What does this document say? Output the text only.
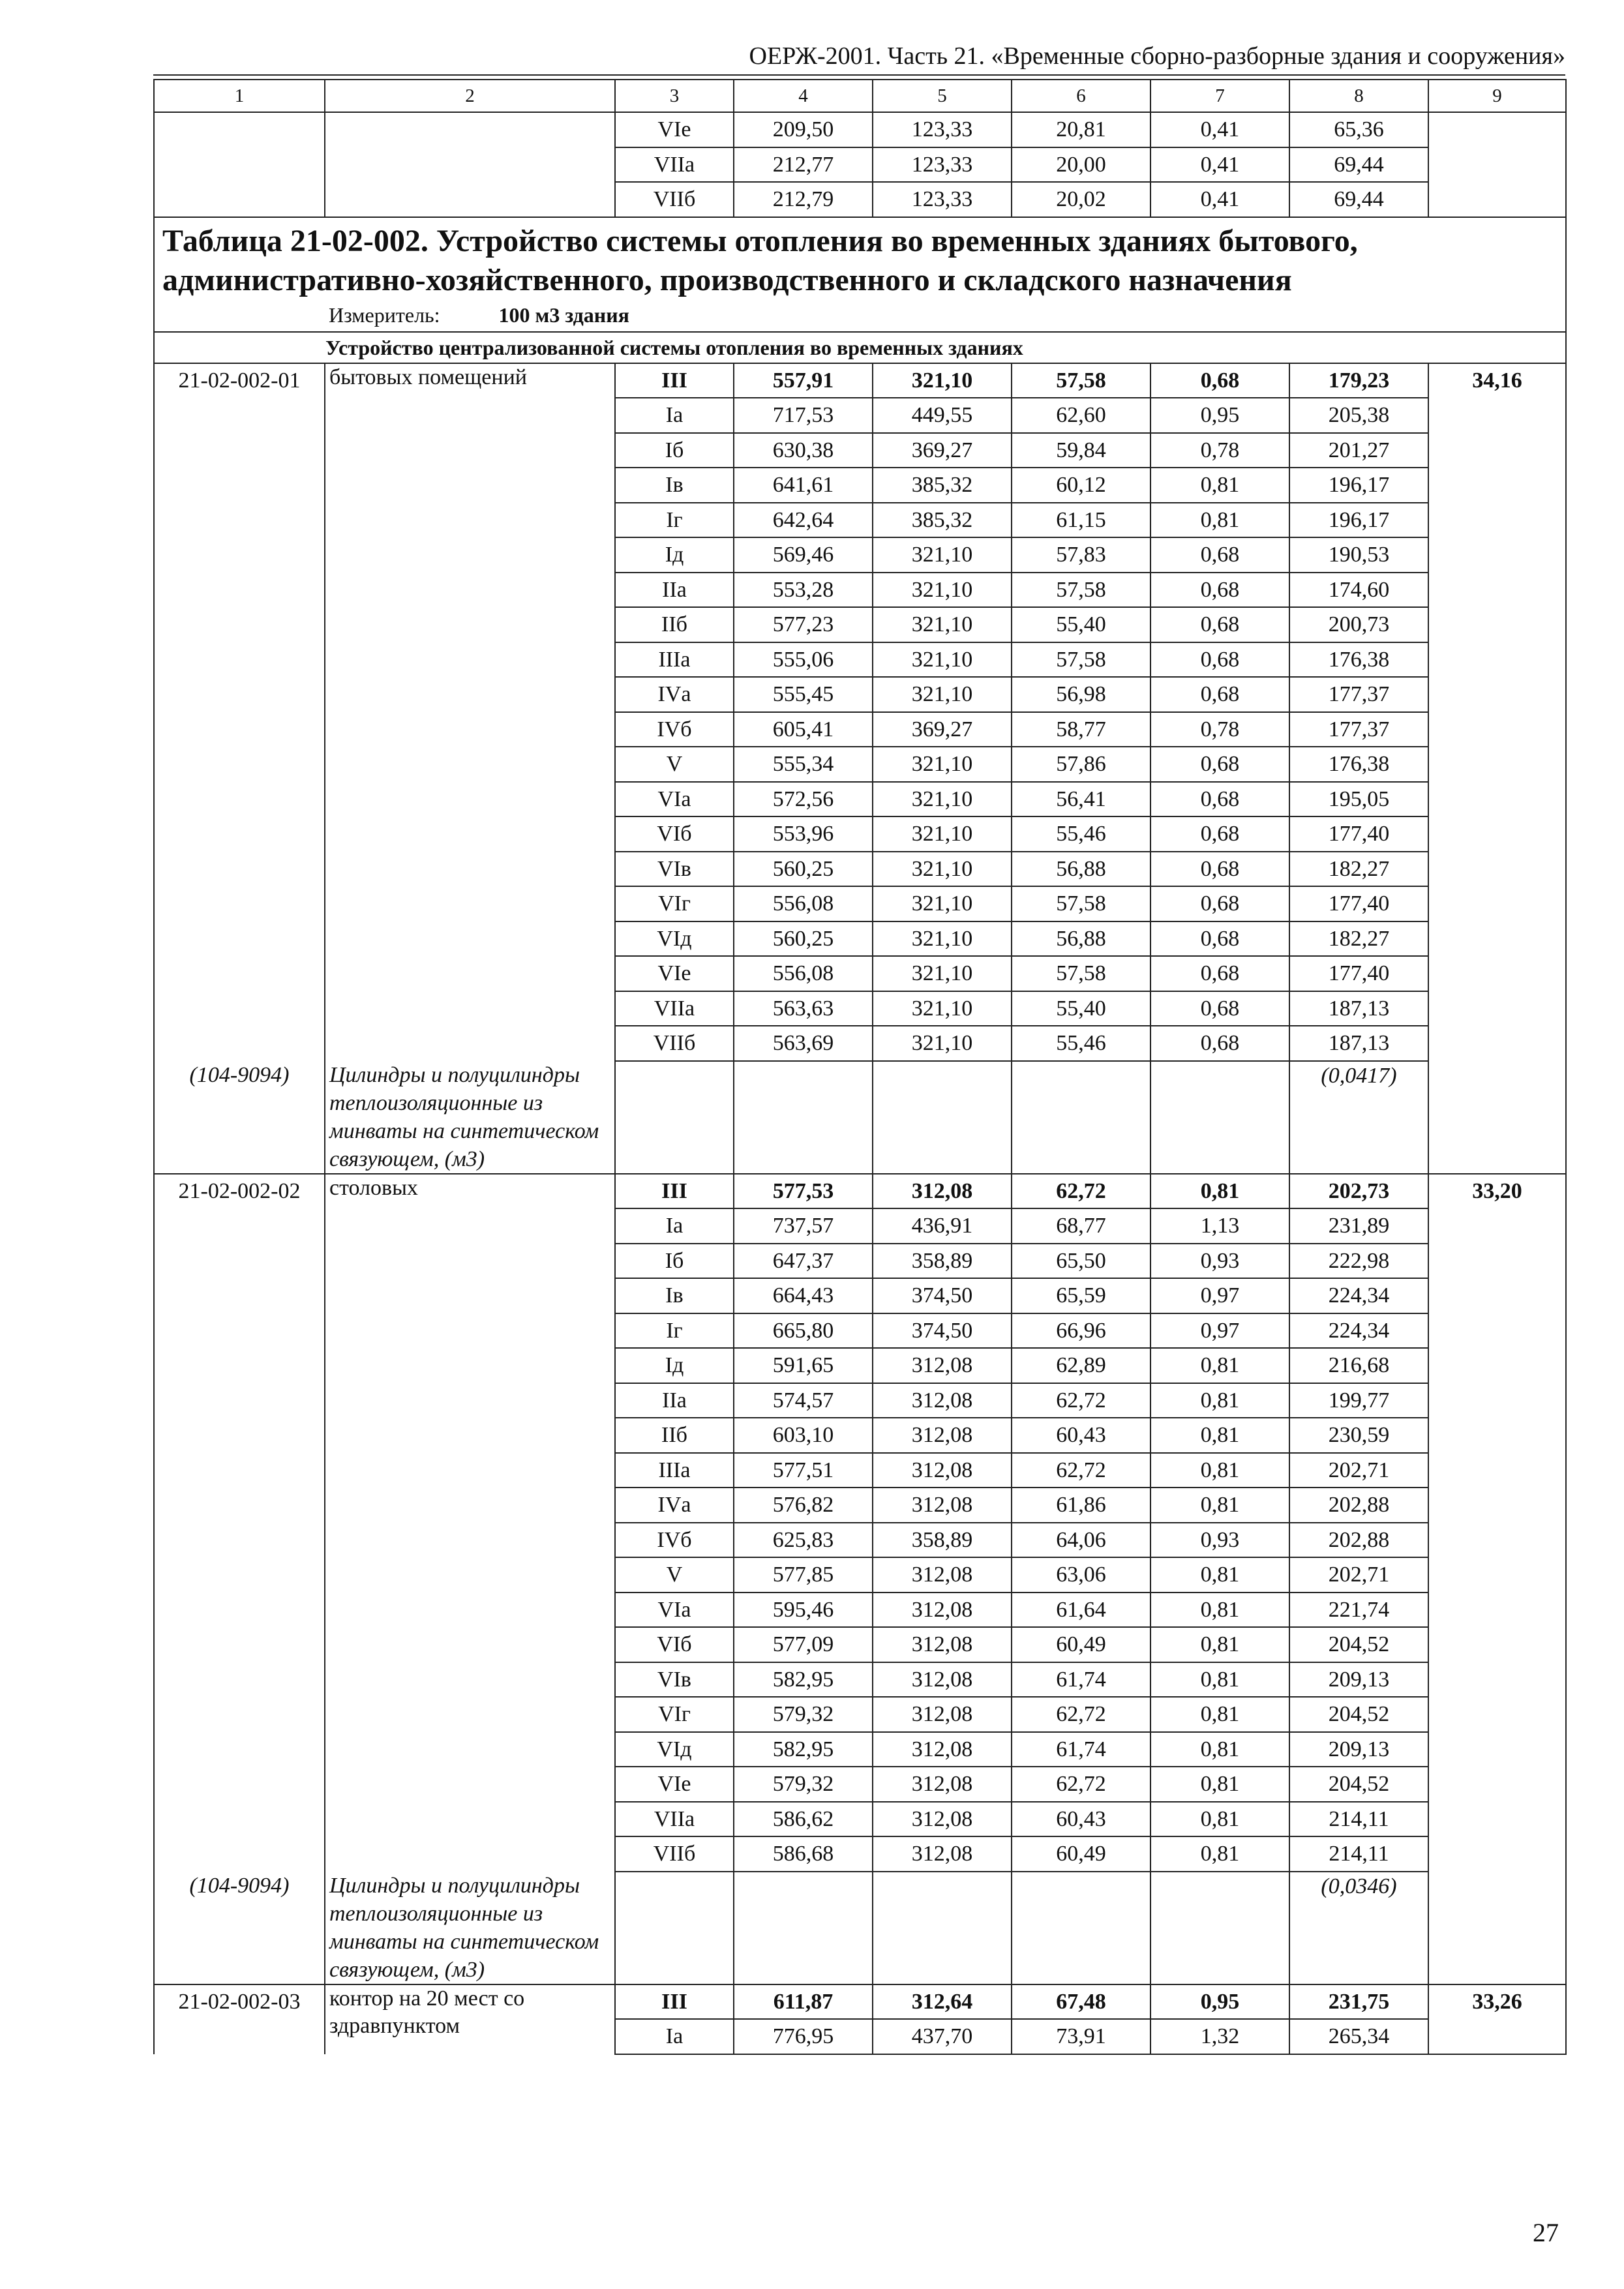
ОЕРЖ-2001. Часть 21. «Временные сборно-разборные здания и сооружения»
1	2	3	4	5	6	7	8	9
		VIе	209,50	123,33	20,81	0,41	65,36	
		VIIа	212,77	123,33	20,00	0,41	69,44	
		VIIб	212,79	123,33	20,02	0,41	69,44	

Таблица 21-02-002. Устройство системы отопления во временных зданиях бытового, административно-хозяйственного, производственного и складского назначения
Измеритель: 100 м3 здания								

Устройство централизованной системы отопления во временных зданиях								
21-02-002-01	бытовых помещений	III	557,91	321,10	57,58	0,68	179,23	34,16
		Iа	717,53	449,55	62,60	0,95	205,38	
		Iб	630,38	369,27	59,84	0,78	201,27	
		Iв	641,61	385,32	60,12	0,81	196,17	
		Iг	642,64	385,32	61,15	0,81	196,17	
		Iд	569,46	321,10	57,83	0,68	190,53	
		IIа	553,28	321,10	57,58	0,68	174,60	
		IIб	577,23	321,10	55,40	0,68	200,73	
		IIIа	555,06	321,10	57,58	0,68	176,38	
		IVа	555,45	321,10	56,98	0,68	177,37	
		IVб	605,41	369,27	58,77	0,78	177,37	
		V	555,34	321,10	57,86	0,68	176,38	
		VIа	572,56	321,10	56,41	0,68	195,05	
		VIб	553,96	321,10	55,46	0,68	177,40	
		VIв	560,25	321,10	56,88	0,68	182,27	
		VIг	556,08	321,10	57,58	0,68	177,40	
		VIд	560,25	321,10	56,88	0,68	182,27	
		VIе	556,08	321,10	57,58	0,68	177,40	
		VIIа	563,63	321,10	55,40	0,68	187,13	
		VIIб	563,69	321,10	55,46	0,68	187,13	
(104-9094)	Цилиндры и полуцилиндры теплоизоляционные из минваты на синтетическом связующем, (м3)						(0,0417)	
21-02-002-02	столовых	III	577,53	312,08	62,72	0,81	202,73	33,20
		Iа	737,57	436,91	68,77	1,13	231,89	
		Iб	647,37	358,89	65,50	0,93	222,98	
		Iв	664,43	374,50	65,59	0,97	224,34	
		Iг	665,80	374,50	66,96	0,97	224,34	
		Iд	591,65	312,08	62,89	0,81	216,68	
		IIа	574,57	312,08	62,72	0,81	199,77	
		IIб	603,10	312,08	60,43	0,81	230,59	
		IIIа	577,51	312,08	62,72	0,81	202,71	
		IVа	576,82	312,08	61,86	0,81	202,88	
		IVб	625,83	358,89	64,06	0,93	202,88	
		V	577,85	312,08	63,06	0,81	202,71	
		VIа	595,46	312,08	61,64	0,81	221,74	
		VIб	577,09	312,08	60,49	0,81	204,52	
		VIв	582,95	312,08	61,74	0,81	209,13	
		VIг	579,32	312,08	62,72	0,81	204,52	
		VIд	582,95	312,08	61,74	0,81	209,13	
		VIе	579,32	312,08	62,72	0,81	204,52	
		VIIа	586,62	312,08	60,43	0,81	214,11	
		VIIб	586,68	312,08	60,49	0,81	214,11	
(104-9094)	Цилиндры и полуцилиндры теплоизоляционные из минваты на синтетическом связующем, (м3)						(0,0346)	
21-02-002-03	контор на 20 мест со здравпунктом	III	611,87	312,64	67,48	0,95	231,75	33,26
		Iа	776,95	437,70	73,91	1,32	265,34	
27
